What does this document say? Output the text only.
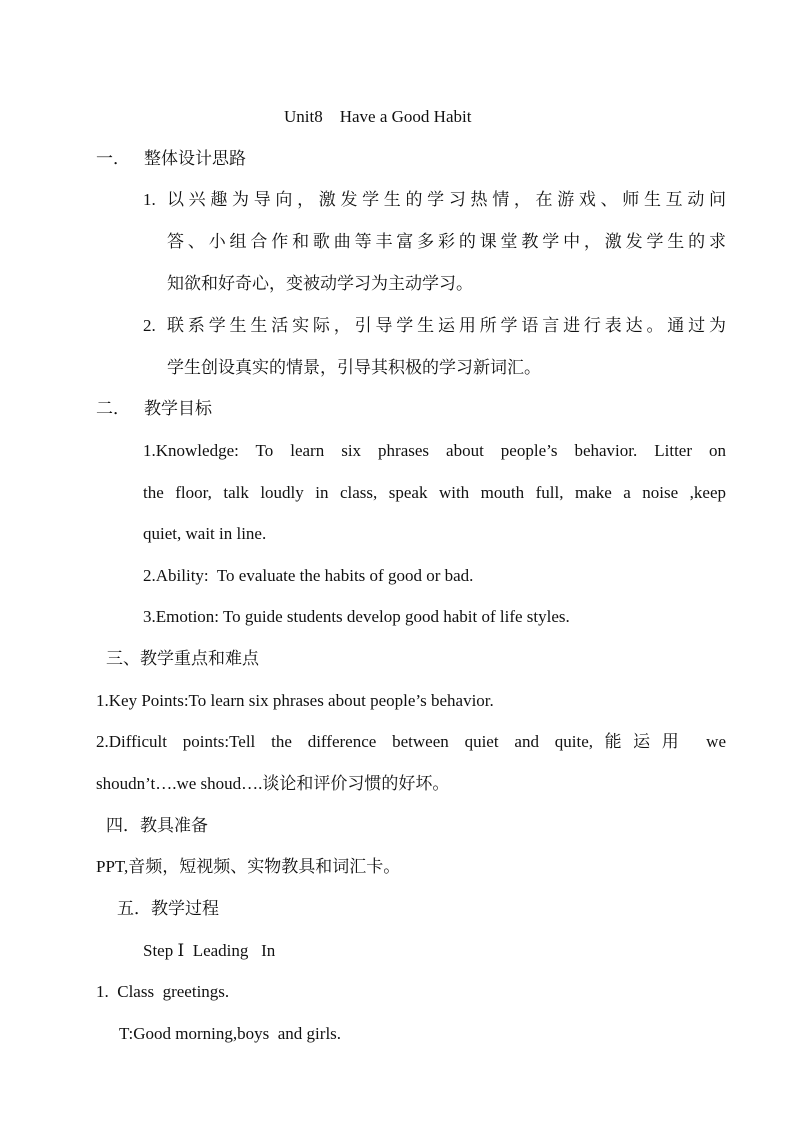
Unit8    Have a Good Habit
一． 整体设计思路
1. 以兴趣为导向，激发学生的学习热情，在游戏、师生互动问
答、小组合作和歌曲等丰富多彩的课堂教学中，激发学生的求
知欲和好奇心，变被动学习为主动学习。
2. 联系学生生活实际，引导学生运用所学语言进行表达。通过为
学生创设真实的情景，引导其积极的学习新词汇。
二． 教学目标
1.Knowledge: To learn six phrases about people’s behavior. Litter on
the floor, talk loudly in class, speak with mouth full, make a noise ,keep
quiet, wait in line.
2.Ability:  To evaluate the habits of good or bad.
3.Emotion: To guide students develop good habit of life styles.
三、教学重点和难点
1.Key Points:To learn six phrases about people’s behavior.
2.Difficult points:Tell the difference between quiet and quite,能运用 we
shoudn’t….we shoud….谈论和评价习惯的好坏。
四．教具准备
PPT,音频，短视频、实物教具和词汇卡。
五．教学过程
Step Ⅰ  Leading   In
1.  Class  greetings.
T:Good morning,boys  and girls.
